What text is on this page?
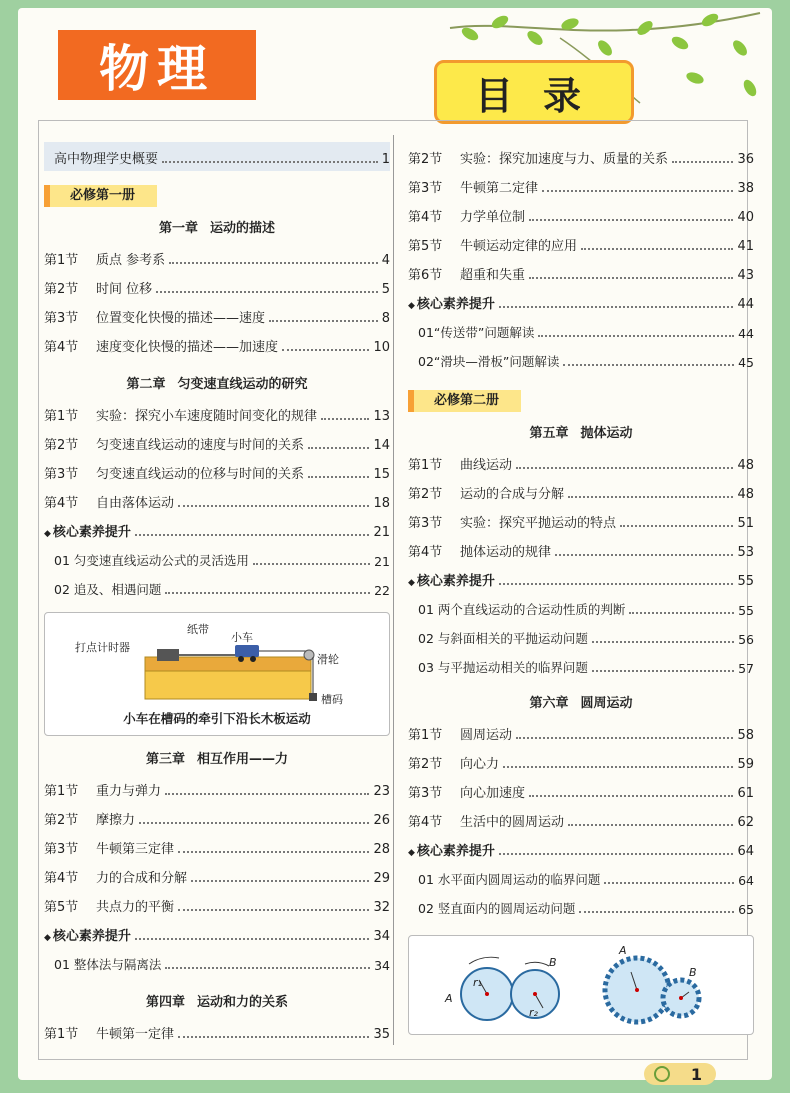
物理	目录
高中物理学史概要	1
必修第一册
第一章 运动的描述
第1节	质点 参考系	4
第2节	时间 位移	5
第3节	位置变化快慢的描述——速度	8
第4节	速度变化快慢的描述——加速度	10
第二章 匀变速直线运动的研究
第1节	实验：探究小车速度随时间变化的规律	13
第2节	匀变速直线运动的速度与时间的关系	14
第3节	匀变速直线运动的位移与时间的关系	15
第4节	自由落体运动	18
◆ 核心素养提升	21
01 匀变速直线运动公式的灵活选用	21
02 追及、相遇问题	22
打点计时器
纸带
小车
滑轮
槽码
小车在槽码的牵引下沿长木板运动
第三章 相互作用——力
第1节	重力与弹力	23
第2节	摩擦力	26
第3节	牛顿第三定律	28
第4节	力的合成和分解	29
第5节	共点力的平衡	32
◆ 核心素养提升	34
01 整体法与隔离法	34
第四章 运动和力的关系
第1节	牛顿第一定律	35
第2节	实验：探究加速度与力、质量的关系	36
第3节	牛顿第二定律	38
第4节	力学单位制	40
第5节	牛顿运动定律的应用	41
第6节	超重和失重	43
◆ 核心素养提升	44
01“传送带”问题解读	44
02“滑块—滑板”问题解读	45
必修第二册
第五章 抛体运动
第1节	曲线运动	48
第2节	运动的合成与分解	48
第3节	实验：探究平抛运动的特点	51
第4节	抛体运动的规律	53
◆ 核心素养提升	55
01 两个直线运动的合运动性质的判断	55
02 与斜面相关的平抛运动问题	56
03 与平抛运动相关的临界问题	57
第六章 圆周运动
第1节	圆周运动	58
第2节	向心力	59
第3节	向心加速度	61
第4节	生活中的圆周运动	62
◆ 核心素养提升	64
01 水平面内圆周运动的临界问题	64
02 竖直面内的圆周运动问题	65
A
B
r₁
r₂
A
B
1
